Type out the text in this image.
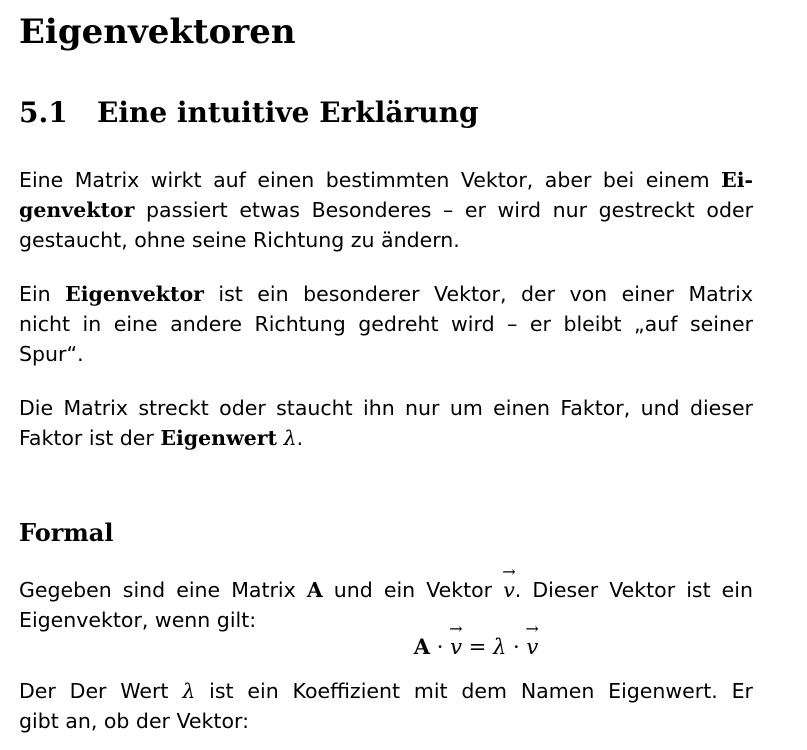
Eigenvektoren
5.1 Eine intuitive Erklärung
Eine Matrix wirkt auf einen bestimmten Vektor, aber bei einem Ei-
genvektor passiert etwas Besonderes – er wird nur gestreckt oder
gestaucht, ohne seine Richtung zu ändern.
Ein Eigenvektor ist ein besonderer Vektor, der von einer Matrix
nicht in eine andere Richtung gedreht wird – er bleibt „auf seiner
Spur“.
Die Matrix streckt oder staucht ihn nur um einen Faktor, und dieser
Faktor ist der Eigenwert λ.
Formal
Gegeben sind eine Matrix A und ein Vektor v
→
. Dieser Vektor ist ein
Eigenvektor, wenn gilt:
A · v
→
= λ · v
→
Der Der Wert λ ist ein Koeffizient mit dem Namen Eigenwert. Er
gibt an, ob der Vektor:
